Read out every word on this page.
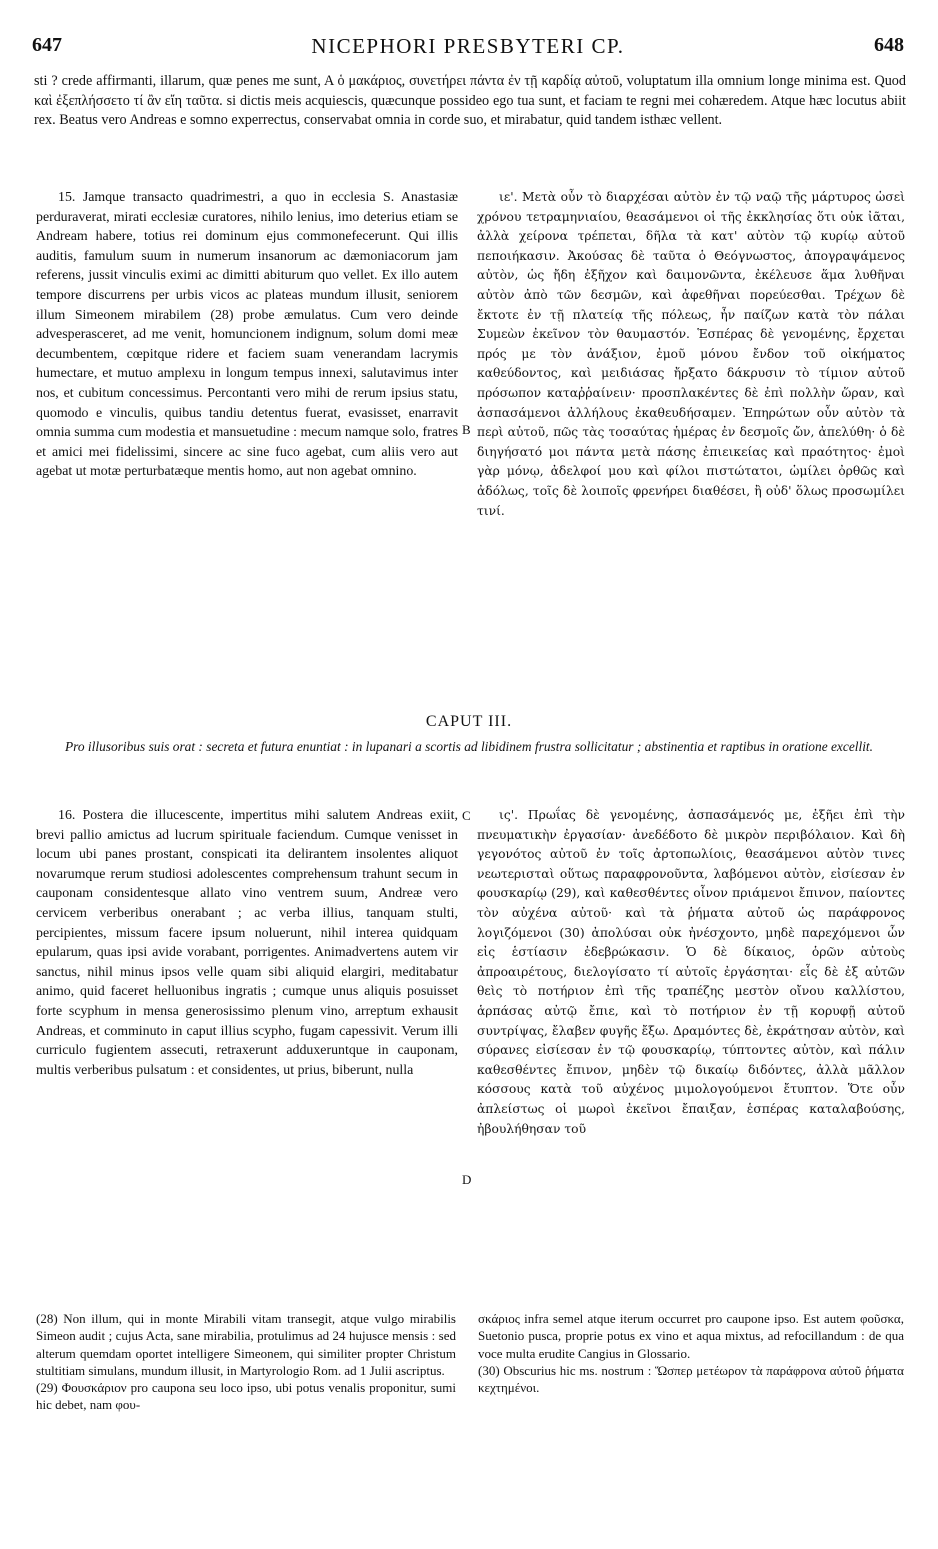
647	NICEPHORI PRESBYTERI CP.	648
sti ? crede affirmanti, illarum, quæ penes me sunt, A ὁ μακάριος, συνετήρει πάντα ἐν τῇ καρδίᾳ αὐτοῦ, voluptatum illa omnium longe minima est. Quod καὶ ἐξεπλήσσετο τί ἂν εἴη ταῦτα. si dictis meis acquiescis, quæcunque possideo ego tua sunt, et faciam te regni mei cohæredem. Atque hæc locutus abiit rex. Beatus vero Andreas e somno experrectus, conservabat omnia in corde suo, et mirabatur, quid tandem isthæc vellent.

15. Jamque transacto quadrimestri, a quo in ecclesia S. Anastasiæ perduraverat, mirati ecclesiæ curatores, nihilo lenius, imo deterius etiam se Andream habere, totius rei dominum ejus commonefecerunt. Qui illis auditis, famulum suum in numerum insanorum ac dæmoniacorum jam referens, jussit vinculis eximi ac dimitti abiturum quo vellet. Ex illo autem tempore discurrens per urbis vicos ac plateas mundum illusit, seniorem illum Simeonem mirabilem (28) probe æmulatus. Cum vero deinde advesperasceret, ad me venit, homuncionem indignum, solum domi meæ decumbentem, cœpitque ridere et faciem suam venerandam lacrymis humectare, et mutuo amplexu in longum tempus innexi, salutavimus inter nos, et cubitum concessimus. Percontanti vero mihi de rerum ipsius statu, quomodo e vinculis, quibus tandiu detentus fuerat, evasisset, enarravit omnia summa cum modestia et mansuetudine : mecum namque solo, fratres et amici mei fidelissimi, sincere ac sine fuco agebat, cum aliis vero aut agebat ut motæ perturbatæque mentis homo, aut non agebat omnino.

ιε'. Μετὰ οὖν τὸ διαρχέσαι αὐτὸν ἐν τῷ ναῷ τῆς μάρτυρος ὡσεὶ χρόνου τετραμηνιαίου, θεασάμενοι οἱ τῆς ἐκκλησίας ὅτι οὐκ ἰᾶται, ἀλλὰ χείρονα τρέπεται, δῆλα τὰ κατ' αὐτὸν τῷ κυρίῳ αὐτοῦ πεποιήκασιν. Ἀκούσας δὲ ταῦτα ὁ Θεόγνωστος, ἀπογραψάμενος αὐτὸν, ὡς ἤδη ἐξῆχον καὶ δαιμονῶντα, ἐκέλευσε ἅμα λυθῆναι αὐτὸν ἀπὸ τῶν δεσμῶν, καὶ ἀφεθῆναι πορεύεσθαι. Τρέχων δὲ ἔκτοτε ἐν τῇ πλατείᾳ τῆς πόλεως, ἦν παίζων κατὰ τὸν πάλαι Συμεὼν ἐκεῖνον τὸν θαυμαστόν. Ἑσπέρας δὲ γενομένης, ἔρχεται πρός με τὸν ἀνάξιον, ἐμοῦ μόνου ἔνδον τοῦ οἰκήματος καθεύδοντος, καὶ μειδιάσας ἤρξατο δάκρυσιν τὸ τίμιον αὐτοῦ πρόσωπον καταῤῥαίνειν· προσπλακέντες δὲ ἐπὶ πολλὴν ὥραν, καὶ ἀσπασάμενοι ἀλλήλους ἐκαθευδήσαμεν. Ἐπηρώτων οὖν αὐτὸν τὰ περὶ αὐτοῦ, πῶς τὰς τοσαύτας ἡμέρας ἐν δεσμοῖς ὤν, ἀπελύθη· ὁ δὲ διηγήσατό μοι πάντα μετὰ πάσης ἐπιεικείας καὶ πραότητος· ἐμοὶ γὰρ μόνῳ, ἀδελφοί μου καὶ φίλοι πιστώτατοι, ὡμίλει ὀρθῶς καὶ ἀδόλως, τοῖς δὲ λοιποῖς φρενήρει διαθέσει, ἢ οὐδ' ὅλως προσωμίλει τινί.

B
CAPUT III.
Pro illusoribus suis orat : secreta et futura enuntiat : in lupanari a scortis ad libidinem frustra sollicitatur ; abstinentia et raptibus in oratione excellit.

16. Postera die illucescente, impertitus mihi salutem Andreas exiit, brevi pallio amictus ad lucrum spirituale faciendum. Cumque venisset in locum ubi panes prostant, conspicati ita delirantem insolentes aliquot novarumque rerum studiosi adolescentes comprehensum trahunt secum in cauponam considentesque allato vino ventrem suum, Andreæ vero cervicem verberibus onerabant ; ac verba illius, tanquam stulti, percipientes, missum facere ipsum noluerunt, nihil interea quidquam epularum, quas ipsi avide vorabant, porrigentes. Animadvertens autem vir sanctus, nihil minus ipsos velle quam sibi aliquid elargiri, meditabatur animo, quid faceret helluonibus ingratis ; cumque unus aliquis posuisset forte scyphum in mensa generosissimo plenum vino, arreptum exhausit Andreas, et comminuto in caput illius scypho, fugam capessivit. Verum illi curriculo fugientem assecuti, retraxerunt adduxeruntque in cauponam, multis verberibus pulsatum : et considentes, ut prius, biberunt, nulla

ις'. Πρωΐας δὲ γενομένης, ἀσπασάμενός με, ἐξῆει ἐπὶ τὴν πνευματικὴν ἐργασίαν· ἀνεδέδοτο δὲ μικρὸν περιβόλαιον. Καὶ δὴ γεγονότος αὐτοῦ ἐν τοῖς ἀρτοπωλίοις, θεασάμενοι αὐτὸν τινες νεωτερισταὶ οὕτως παραφρονοῦντα, λαβόμενοι αὐτὸν, εἰσίεσαν ἐν φουσκαρίῳ (29), καὶ καθεσθέντες οἶνον πριάμενοι ἔπινον, παίοντες τὸν αὐχένα αὐτοῦ· καὶ τὰ ῥήματα αὐτοῦ ὡς παράφρονος λογιζόμενοι (30) ἀπολύσαι οὐκ ἠνέσχοντο, μηδὲ παρεχόμενοι ὧν εἰς ἑστίασιν ἐδεβρώκασιν. Ὁ δὲ δίκαιος, ὁρῶν αὐτοὺς ἀπροαιρέτους, διελογίσατο τί αὐτοῖς ἐργάσηται· εἷς δὲ ἐξ αὐτῶν θεὶς τὸ ποτήριον ἐπὶ τῆς τραπέζης μεστὸν οἴνου καλλίστου, ἁρπάσας αὐτῷ ἔπιε, καὶ τὸ ποτήριον ἐν τῇ κορυφῇ αὐτοῦ συντρίψας, ἔλαβεν φυγῆς ἔξω. Δραμόντες δὲ, ἐκράτησαν αὐτὸν, καὶ σύρανες εἰσίεσαν ἐν τῷ φουσκαρίῳ, τύπτοντες αὐτὸν, καὶ πάλιν καθεσθέντες ἔπινον, μηδὲν τῷ δικαίῳ διδόντες, ἀλλὰ μᾶλλον κόσσους κατὰ τοῦ αὐχένος μιμολογούμενοι ἔτυπτον. Ὅτε οὖν ἀπλείστως οἱ μωροὶ ἐκεῖνοι ἔπαιξαν, ἑσπέρας καταλαβούσης, ἠβουλήθησαν τοῦ

C
D

(28) Non illum, qui in monte Mirabili vitam transegit, atque vulgo mirabilis Simeon audit ; cujus Acta, sane mirabilia, protulimus ad 24 hujusce mensis : sed alterum quemdam oportet intelligere Simeonem, qui similiter propter Christum stultitiam simulans, mundum illusit, in Martyrologio Rom. ad 1 Julii ascriptus.

(29) Φουσκάριον pro caupona seu loco ipso, ubi potus venalis proponitur, sumi hic debet, nam φου-

σκάριος infra semel atque iterum occurret pro caupone ipso. Est autem φοῦσκα, Suetonio pusca, proprie potus ex vino et aqua mixtus, ad refocillandum : de qua voce multa erudite Cangius in Glossario.

(30) Obscurius hic ms. nostrum : Ὥσπερ μετέωρον τὰ παράφρονα αὐτοῦ ῥήματα κεχτημένοι.
